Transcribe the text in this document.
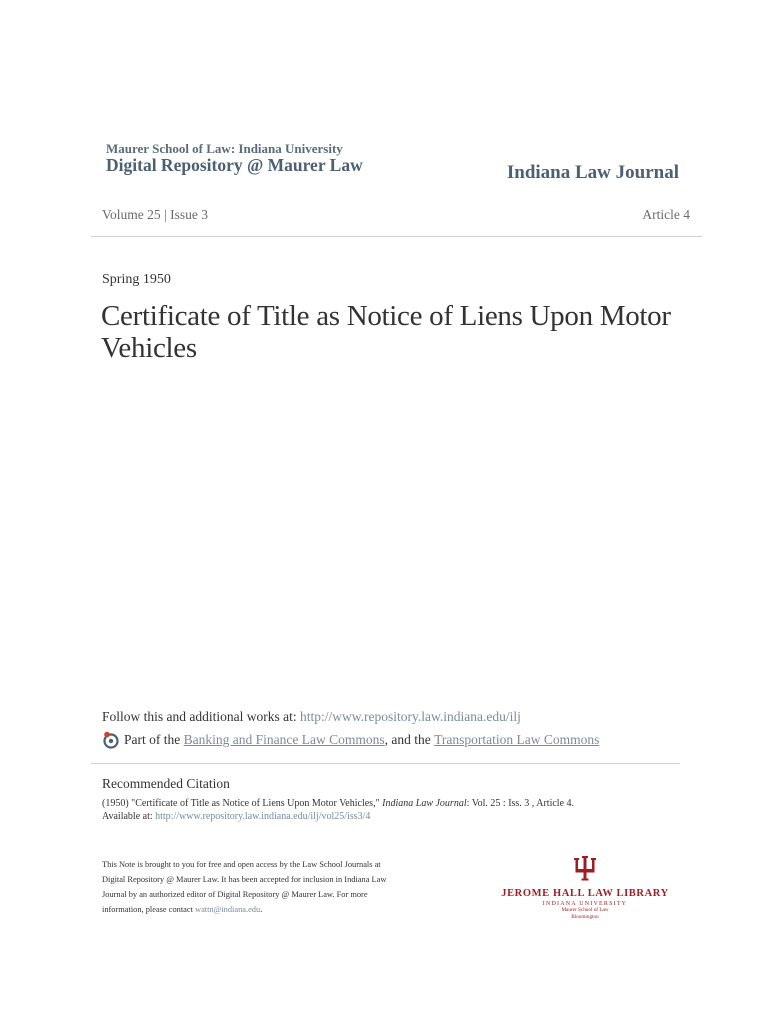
Maurer School of Law: Indiana University
Digital Repository @ Maurer Law	Indiana Law Journal
Volume 25 | Issue 3	Article 4
Spring 1950
Certificate of Title as Notice of Liens Upon Motor Vehicles
Follow this and additional works at: http://www.repository.law.indiana.edu/ilj
Part of the
Banking and Finance Law Commons , and the
Transportation Law Commons
Recommended Citation
(1950) "Certificate of Title as Notice of Liens Upon Motor Vehicles," Indiana Law Journal: Vol. 25 : Iss. 3 , Article 4.
Available at: http://www.repository.law.indiana.edu/ilj/vol25/iss3/4
This Note is brought to you for free and open access by the Law School Journals at Digital Repository @ Maurer Law. It has been accepted for inclusion in Indiana Law Journal by an authorized editor of Digital Repository @ Maurer Law. For more information, please contact wattn@indiana.edu.
JEROME HALL LAW LIBRARY
INDIANA UNIVERSITY
Maurer School of Law
Bloomington
